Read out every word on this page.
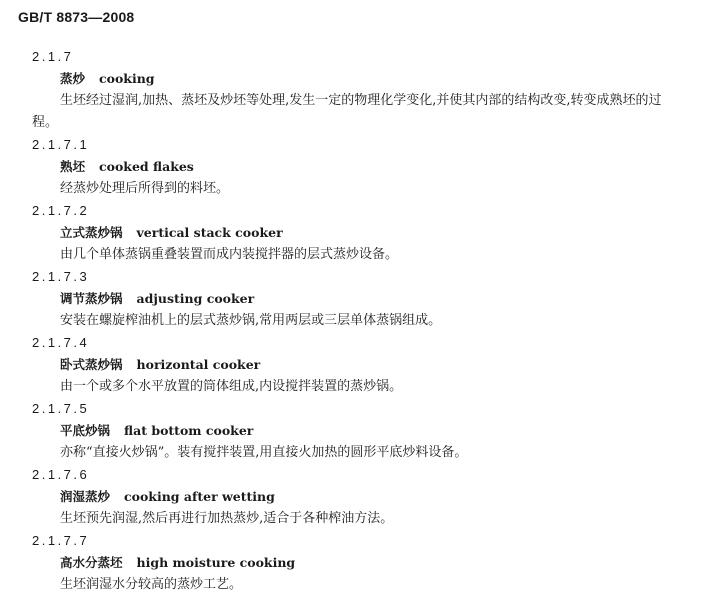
GB/T 8873—2008
2.1.7
蒸炒 cooking
生坯经过湿润,加热、蒸坯及炒坯等处理,发生一定的物理化学变化,并使其内部的结构改变,转变成熟坯的过程。
2.1.7.1
熟坯 cooked flakes
经蒸炒处理后所得到的料坯。
2.1.7.2
立式蒸炒锅 vertical stack cooker
由几个单体蒸锅重叠装置而成内装搅拌器的层式蒸炒设备。
2.1.7.3
调节蒸炒锅 adjusting cooker
安装在螺旋榨油机上的层式蒸炒锅,常用两层或三层单体蒸锅组成。
2.1.7.4
卧式蒸炒锅 horizontal cooker
由一个或多个水平放置的筒体组成,内设搅拌装置的蒸炒锅。
2.1.7.5
平底炒锅 flat bottom cooker
亦称“直接火炒锅”。装有搅拌装置,用直接火加热的圆形平底炒料设备。
2.1.7.6
润湿蒸炒 cooking after wetting
生坯预先润湿,然后再进行加热蒸炒,适合于各种榨油方法。
2.1.7.7
高水分蒸坯 high moisture cooking
生坯润湿水分较高的蒸炒工艺。
